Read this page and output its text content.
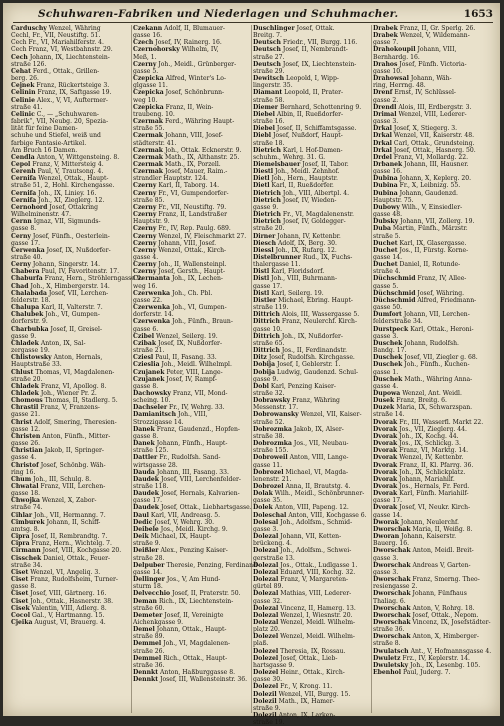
Schuhwaren-Fabriken und Niederlagen und Schuhmacher.	1653
Carduschy Wenzel, Währing
Cechl, Fr., VII, Neustiftg. 51.
Cech Fr., VI, Mariahilferstr. 4.
Cech Franz, VI, Westbahnstr. 29.
Cech Johann, IX, Liechtenstein-
straße 126.
Cehat Ferd., Ottak., Grillen-
berg. 26.
Cejnek Franz, Rückertsteige 3.
Celinin Franz, IX, Saftgasse 19.
Celinie Alex., V, VI, Auftermer-
straße 41.
Celinic C., — „Schuhwaren-
fabrik“, VII, Neubg. 20, Spezia-
lität für feine Damen-
schuhe und Stiefel, weiß und
farbige Fantasie-Artikel.
Am Bruch 16 Damen.
Cendla Anton, V, Wittgensteing. 8.
Cepol Franz, V, Mittersteig 4.
Cerenh Paul, V, Trautsong. 4.
Cernifa Wenzel, Ottak., Haupt-
straße 51, 2, Hohl. Kirchengasse.
Cernifa Joh., IX, Liniey. 16.
Cernifa Joh., XI, Zieglerg. 12.
Cernohord Josef, Ottakring
Wilhelminenstr. 47.
Cernn Ignaz, VII, Sigmunds-
gasse 8.
Cerny Josef, Fünfh., Oesterlein-
gasse 17.
Cerwenka Josef, IX, Nußdorfer-
straße 40.
Cerny Johann, Singerstr. 14.
Chabera Paul, IV, Favoritenstr. 17.
Chaburfa Franz, Hern., Ströhlerngasse 9.
Chad Joh., X, Himbergerstr. 14.
Chalabada Josef, VII, Lerchen-
felderstr. 18.
Chalupa Karl, II, Valterstr. 7.
Chalubek Joh., VI, Gumpen-
dorferstr. 9.
Charbubka Josef, II, Greisel-
gasse 9.
Chladek Anton, IX, Sal-
zergasse 19.
Chlistowsky Anton, Hernals,
Hauptstraße 33.
Chlust Thomas, VI, Magdalenen-
straße 20.
Chladek Franz, VI, Apollog. 8.
Chladek Joh., Wiener Pr. 2.
Chomous Thomas, II, Stadlerg. 5.
Chrastil Franz, V, Franzens-
gasse 21.
Christ Adolf, Smering, Theresien-
gasse 12.
Christen Anton, Fünfh., Mitter-
gasse 26.
Christian Jakob, II, Springer-
gasse 4.
Christof Josef, Schönbg. Wäh-
ring 16.
Chum Joh., III, Schulg. 8.
Chwatal Franz, VIII, Lerchen-
gasse 18.
Chwojka Wenzel, X, Zabor-
straße 74.
Cihlar Joh., VII, Hermanng. 7.
Cimburek Johann, II, Schiff-
amtsg. 8.
Cipra Josef, II, Rembrandtg. 7.
Cipra Franz, Hern., Wichtelg. 7.
Cirmann Josef, VIII, Kochgasse 20.
Cisschek Daniel, Ottak., Feuer-
straße 34.
Ciset Wenzel, VI, Angeliq. 3.
Ciset Franz, Rudolfsheim, Turner-
gasse 8.
Ciset Josef, VIII, Gärtnerg. 16.
Ciset Joh., Ottak., Hasnerstr. 38.
Cisek Valentin, VIII, Adlerg. 8.
Cocol Gal., V, Hartmanng. 15.
Cjeika August, VI, Brauerg. 4.
Czekann Adolf, II, Blumauer-
gasse 16.
Czech Josef, IV, Rainerg. 16.
Czernohorsky Wilhelm, IV,
Meß, 1.
Czerny Joh., Meidl., Grünberger-
gasse 5.
Czepicka Alfred, Winter's Lo-
glgasse 11.
Czepicka Josef, Schönbrunn-
weg 10.
Czepicka Franz, II, Wein-
traubeng. 10.
Czermak Ferd., Währing Haupt-
straße 55.
Czermak Johann, VIII, Josef-
städterstr. 41.
Czermak Joh., Ottak. Ecknerstr. 9.
Czermak Math., IX, Althanstr. 25.
Czermak Math., IX, Porzell.
Czermak Josef, Mauer, Raim.-
strandler Hauptstr. 124.
Czerny Karl, II, Taborg. 14.
Czerny Fr., VI, Gumpendorfer-
straße 85.
Czerny Fr., VII, Neustiftg. 79.
Czerny Franz, II, Landstraßer
Hauptstr. 9.
Czerny Fr., IV, Rep. Paulg. 689.
Czerny Wenzel, IV, Fleischmarkt 27.
Czerny Johann, VIII, Josef.
Czerny Wenzel, Ottak., Kirch-
gasse 4.
Czerny Joh., II, Wallensteinpl.
Czerny Josef, Gersth., Haupt-
Czermanta Joh., IX, Lechen-
weg 16.
Czerwenka Joh., Ch. Pbl.
gasse 22.
Czerwenka Joh., VI, Gumpen-
dorferstr. 14.
Czerwenka Joh., Fünfh., Braun-
gasse 6.
Czibel Wenzel, Seilerg. 19.
Czibak Josef, IX, Nußdorfer-
straße 21.
Cziesl Paul, II, Fasang. 33.
Czieslia Joh., Meidl. Wilhelmpl.
Czujanek Peter, VIII, Lange-
Czujanek Josef, IV, Rampf-
gasse 8.
Dachowsky Franz, VII, Mond-
scheing. 10.
Dachseler Fr., IV, Wehrg. 33.
Damianitsch Joh., VIII,
Strozzigasse 14.
Danek Franz, Gaudenzd., Hopfen-
gasse 8.
Danek Johann, Fünfh., Haupt-
straße 125.
Dattler Fr., Rudolfsh. Sand-
wirtsgasse 28.
Dauda Johann, III, Fasang. 33.
Daudek Josef, VIII, Lerchenfelder-
straße 118.
Daudek Josef, Hernals, Kalvarien-
gasse 17.
Daudek Josef, Ottak., Liebhartsgasse.
Daul Karl, VII, Andreasg. 5.
Dedic Josef, V, Wehrg. 30.
Deibele Jos., Meidl. Kirchg. 9.
Deik Michael, IX, Haupt-
straße 9.
Deißler Alex., Penzing Kaiser-
straße 28.
Delpuber Theresie, Penzing, Ferdinand-
gasse 14.
Dellinger Jos., V, Am Hund-
sturm 18.
Delvecchio Josef, II, Praterstr. 50.
Deman Rich., IX, Liechtenstein-
straße 60.
Demeter Josef, II, Vereinigte
Aichenkgasse 9.
Demel Johann, Ottak., Haupt-
straße 89.
Demmel Joh., VI, Magdalenen-
straße 26.
Demmel Rich., Ottak., Haupt-
straße 36.
Dennkt Anton, Haßburggasse 8.
Dennkt Josef, III, Wallensteinstr. 36.
Duschlinger Josef, Ottak.
Breitg. 7.
Deutsch Friedr., VII, Burgg. 116.
Deutsch Josef, II, Nembrandt-
straße 27.
Deutsch Josef, IX, Liechtenstein-
straße 29.
Dewitsch Leopold, I, Wipp-
lingerstr. 35.
Diamant Leopold, II, Prater-
straße 58.
Diemer Bernhard, Schottenring 9.
Diebel Albin, II, Rueßdorfer-
straße 16.
Diebel Josef, II, Schiffamtsgasse.
Diebl Josef, Nußdorf, Haupt-
straße 18.
Dietrich Karl, l. Hof-Damen-
schuhm., Wehrg. 31. G.
Diemelsbauer Josef, II, Tabor.
Diestl Joh., Meidl. Zehnhof.
Dietl Joh., Hern., Hauptstr.
Dietl Karl, II, Rueßdorfer.
Dietrich Joh., VIII, Albertpl. 4.
Dietrich Josef, IV, Wieden-
gasse 9.
Dietrich Fr., VI, Magdalenenstr.
Dietrich Josef, IV, Goldegger-
straße 20.
Dirner Johann, IV, Kettenbr.
Diesch Adolf, IX, Berg. 30.
Diessl Joh., IX, Rufarg. 12.
Distelbrunner Rud., IX, Fuchs-
thalergasse 11.
Distl Karl, Floridsdorf.
Distl Joh., VIII, Buhrmann-
gasse 17.
Distl Karl, Seilerg. 19.
Distler Michael, Ebring. Haupt-
straße 119.
Dittrich Alois, III, Wassergasse 5.
Dittrich Franz, Neulerchf. Kirch-
gasse 10.
Dittrich Joh., IX, Nußdorfer-
straße 65.
Dittrich Jos., II, Ferdinandstr.
Ditz Josef, Rudolfsh. Kirchgasse.
Dobija Josef, I, Geblerstr. 1.
Dobija Ludwig, Gaudenzd. Schul-
gasse 9.
Dobl Karl, Penzing Kaiser-
straße 32.
Dobrawsky Franz, Währing
Messenstr. 17.
Dobrowansky Wenzel, VII, Kaiser-
straße 52.
Dobrozmka Jakob, IX, Alser-
straße 38.
Dobrozmka Jos., VII, Neubau-
straße 155.
Dobroweil Anton, VIII, Lange-
gasse 11.
Dobrozel Michael, VI, Magda-
lenenstr. 21.
Dobrozel Anna, II, Brautstg. 4.
Dolak Wilh., Meidl., Schönbrunner-
gasse 35.
Dolek Anton, VIII, Papeng. 12.
Doleschal Anton, VIII, Kochgasse 6.
Dolesal Joh., Adolfsm., Schmid-
gasse 3.
Dolezal Johann, VII, Ketten-
brückeng. 4.
Dolezal Joh., Adolfsm., Schwei-
gerstraße 13.
Dolezal Jos., Ottak., Ludlgasse 1.
Dolezal Eduard, VIII, Kochg. 32.
Dolezal Franz, V, Margareten-
gürtel 89.
Dolezal Mathias, VIII, Lederer-
gasse 32.
Dolezal Vincenz, II, Hamerg. 13.
Dolezal Wenzel, I, Wiesnstr. 20.
Dolezal Wenzel, Meidl. Wilhelm-
platz 20.
Dolezel Wenzel, Meidl. Wilhelm-
plaß.
Dolezel Theresia, IX, Rossau.
Dolezel Josef, Ottak., Lieb-
hartsgasse 9.
Dolezel Heinr., Ottak., Kirch-
gasse 30.
Dolezel Fr., V, Krong. 11.
Dolezil Wenzel, VII, Burgg. 15.
Dolezil Math., IX, Hamer-
straße 9.
Dolezil Anton, IX, Larken-
straße 19.
Drabek Franz, II, Gr. Sperlg. 26.
Drabek Wenzel, V, Wildemann-
gasse 7.
Drahokoupil Johann, VIII,
Bernhardg. 16.
Drahos Josef, Fünfh. Victoria-
gasse 10.
Drahowsal Johann, Wäh-
ring, Herrng. 48.
Drenf Ernst, IV, Schlüssel-
gasse 2.
Drendl Alois, III, Erdbergstr. 3.
Drimal Wenzel, VIII, Lederer-
gasse 3.
Drkal Josef, X, Stiegerg. 3.
Drkal Wenzel, VII, Kaiserstr. 48.
Drkal Carl, Ottak., Grundsteing.
Drkal Josef, Ottak., Hasnerg. 50.
Drdel Franz, VI, Mollardg. 22.
Drbanek Johann, III, Hausner.
gasse 16.
Dubina Johann, X, Keplerg. 20.
Dubina Fr., X, Leibnizg. 55.
Dubina Johann, Gaudenzd.
Hauptstr. 75.
Dubowy Wilh., V, Einsiedler-
gasse 48.
Dubsky Johann, VII, Zollerg. 19.
Duba Martin, Fünfh., Märzstr.
straße 5.
Duchet Karl, IX, Glasergasse.
Duchet Jos., II, Fürstg. Korne-
gasse 14.
Duchet Daniel, II, Rotunde-
straße 4.
Düchschmid Franz, IV, Allee-
gasse 5.
Düchschmid Josef, Währing.
Düchschmid Alfred, Friedmann-
gasse 50.
Dumfort Johann, VII, Lerchen-
felderstraße 34.
Durstpeck Karl, Ottak., Heroni-
gasse 3.
Duschek Johann, Rudolfsh.
Bandg. 17.
Duschek Josef, VII, Ziegler g. 68.
Duschek Joh., Fünfh., Kuchen-
gasse 1.
Duschek Math., Währing Anna-
gasse 4.
Dupowa Wenzel, Ant. Weidl.
Dusek Franz, Breitg. 6.
Duzek Maria, IX, Schwarzspan.
straße 14.
Dvorak Fr., III, Wasserfl. Markt 22.
Dvorak Jos., VII, Zieglerg. 44.
Dvorak Joh., IX, Kochg. 44.
Dvorak Jos., IX, Schlickg. 3.
Dvorak Franz, VI, Marktg. 14.
Dvorak Wenzel, IV, Kettenbr.
Dvorak Franz, II, Kl. Pfarrg. 36.
Dvorak Joh., IX, Schlickplatz.
Dvorak Johann, Mariahilf.
Dvorak Jos., Hernals, Fr. Ferd.
Dvorak Karl, Fünfh. Mariahilf-
gasse 17.
Dvorak Josef, VI, Neukr. Kirch-
gasse 14.
Dworak Johann, Neulerchf.
Dworschak Maria, II, Weißg. 8.
Dworan Johann, Kaiserstr.
Bauerg. 16.
Dworschak Anton, Meidl. Breit-
gasse 3.
Dworschak Andreas V, Garten-
gasse 3.
Dworschak Franz, Smerng. Theo-
resiengasse 2.
Dworschak Johann, Fünfhaus
Thaliag. 6.
Dworschak Anton, V, Rohrg. 18.
Dworschak Josef, Ottak., Nepom.
Dworschak Vincenz, IX, Josefstädter-
straße 36.
Dworschak Anton, X, Himberger-
straße 8.
Dwulatsch Ant., V, Hofmannsgasse 4.
Dwuletz Frz., IV, Keplerstr. 14.
Dwuletsky Joh., IX, Lesenbg. 105.
Ebenhol Paul, Juderg. 7.
